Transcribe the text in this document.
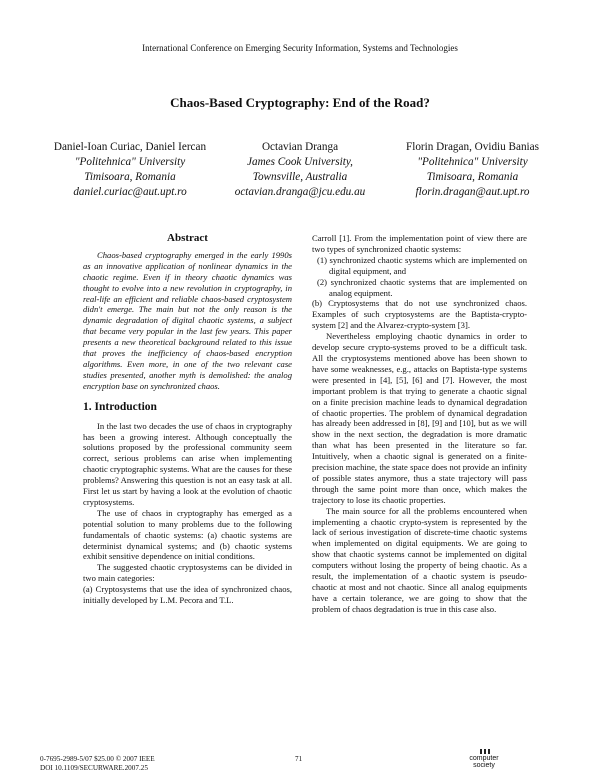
International Conference on Emerging Security Information, Systems and Technologies
Chaos-Based Cryptography: End of the Road?
Daniel-Ioan Curiac, Daniel Iercan
"Politehnica" University
Timisoara, Romania
daniel.curiac@aut.upt.ro
Octavian Dranga
James Cook University,
Townsville, Australia
octavian.dranga@jcu.edu.au
Florin Dragan, Ovidiu Banias
"Politehnica" University
Timisoara, Romania
florin.dragan@aut.upt.ro
Abstract

Chaos-based cryptography emerged in the early 1990s as an innovative application of nonlinear dynamics in the chaotic regime. Even if in theory chaotic dynamics was thought to evolve into a new revolution in cryptography, in real-life an efficient and reliable chaos-based cryptosystem didn't emerge. The main but not the only reason is the dynamic degradation of digital chaotic systems, a subject that became very popular in the last few years. This paper presents a new theoretical background related to this issue that proves the inefficiency of chaos-based encryption algorithms. Even more, in one of the two relevant case studies presented, another myth is demolished: the analog encryption base on synchronized chaos.

1. Introduction

In the last two decades the use of chaos in cryptography has been a growing interest. Although conceptually the solutions proposed by the professional community seem correct, serious problems can arise when implementing chaotic cryptographic systems. What are the causes for these problems? Answering this question is not an easy task at all. First let us start by having a look at the evolution of chaotic cryptosystems.

The use of chaos in cryptography has emerged as a potential solution to many problems due to the following fundamentals of chaotic systems: (a) chaotic systems are determinist dynamical systems; and (b) chaotic systems exhibit sensitive dependence on initial conditions.

The suggested chaotic cryptosystems can be divided in two main categories:

(a) Cryptosystems that use the idea of synchronized chaos, initially developed by L.M. Pecora and T.L.

Carroll [1]. From the implementation point of view there are two types of synchronized chaotic systems:

(1) synchronized chaotic systems which are implemented on digital equipment, and

(2) synchronized chaotic systems that are implemented on analog equipment.

(b) Cryptosystems that do not use synchronized chaos. Examples of such cryptosystems are the Baptista-crypto-system [2] and the Alvarez-crypto-system [3].

Nevertheless employing chaotic dynamics in order to develop secure crypto-systems proved to be a difficult task. All the cryptosystems mentioned above has been shown to have some weaknesses, e.g., attacks on Baptista-type systems were presented in [4], [5], [6] and [7]. However, the most important problem is that trying to generate a chaotic signal on a finite precision machine leads to dynamical degradation of chaotic properties. The problem of dynamical degradation has already been addressed in [8], [9] and [10], but as we will show in the next section, the degradation is more dramatic than what has been presented in the literature so far. Intuitively, when a chaotic signal is generated on a finite-precision machine, the state space does not provide an infinity of possible states anymore, thus a state trajectory will pass through the same point more than once, which makes the trajectory to lose its chaotic properties.

The main source for all the problems encountered when implementing a chaotic crypto-system is represented by the lack of serious investigation of discrete-time chaotic systems when implemented on digital equipments. We are going to show that chaotic systems cannot be implemented on digital computers without losing the property of being chaotic. As a result, the implementation of a chaotic system is pseudo-chaotic at most and not chaotic. Since all analog equipments have a certain tolerance, we are going to show that the problem of chaos degradation is true in this case also.

0-7695-2989-5/07 $25.00 © 2007 IEEE
DOI 10.1109/SECURWARE.2007.25
71	computer society
